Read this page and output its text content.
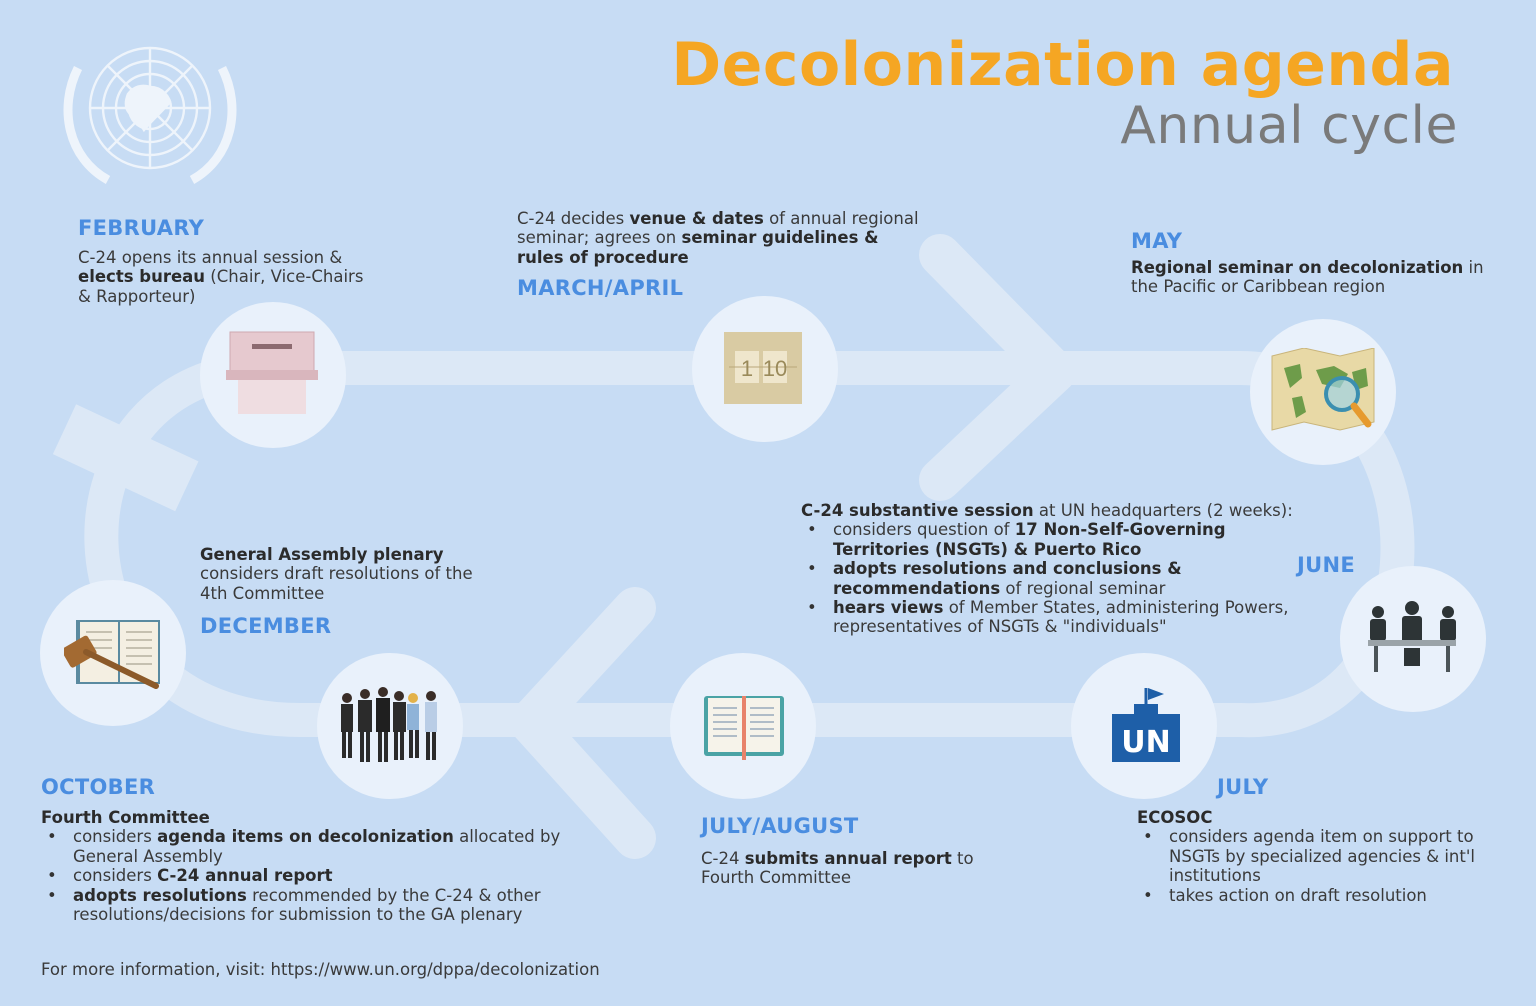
Decolonization agenda
Annual cycle
1 10
UN
FEBRUARY
C-24 opens its annual session &
elects bureau (Chair, Vice-Chairs
& Rapporteur)
C-24 decides venue & dates of annual regional
seminar; agrees on seminar guidelines &
rules of procedure
MARCH/APRIL
MAY
Regional seminar on decolonization in
the Pacific or Caribbean region
C-24 substantive session at UN headquarters (2 weeks):
• considers question of 17 Non-Self-Governing Territories (NSGTs) & Puerto Rico
• adopts resolutions and conclusions & recommendations of regional seminar
• hears views of Member States, administering Powers, representatives of NSGTs & "individuals"
JUNE
JULY
ECOSOC
• considers agenda item on support to NSGTs by specialized agencies & int'l institutions
• takes action on draft resolution
JULY/AUGUST
C-24 submits annual report to
Fourth Committee
OCTOBER
Fourth Committee
• considers agenda items on decolonization allocated by General Assembly
• considers C-24 annual report
• adopts resolutions recommended by the C-24 & other resolutions/decisions for submission to the GA plenary
General Assembly plenary
considers draft resolutions of the
4th Committee
DECEMBER
For more information, visit: https://www.un.org/dppa/decolonization
